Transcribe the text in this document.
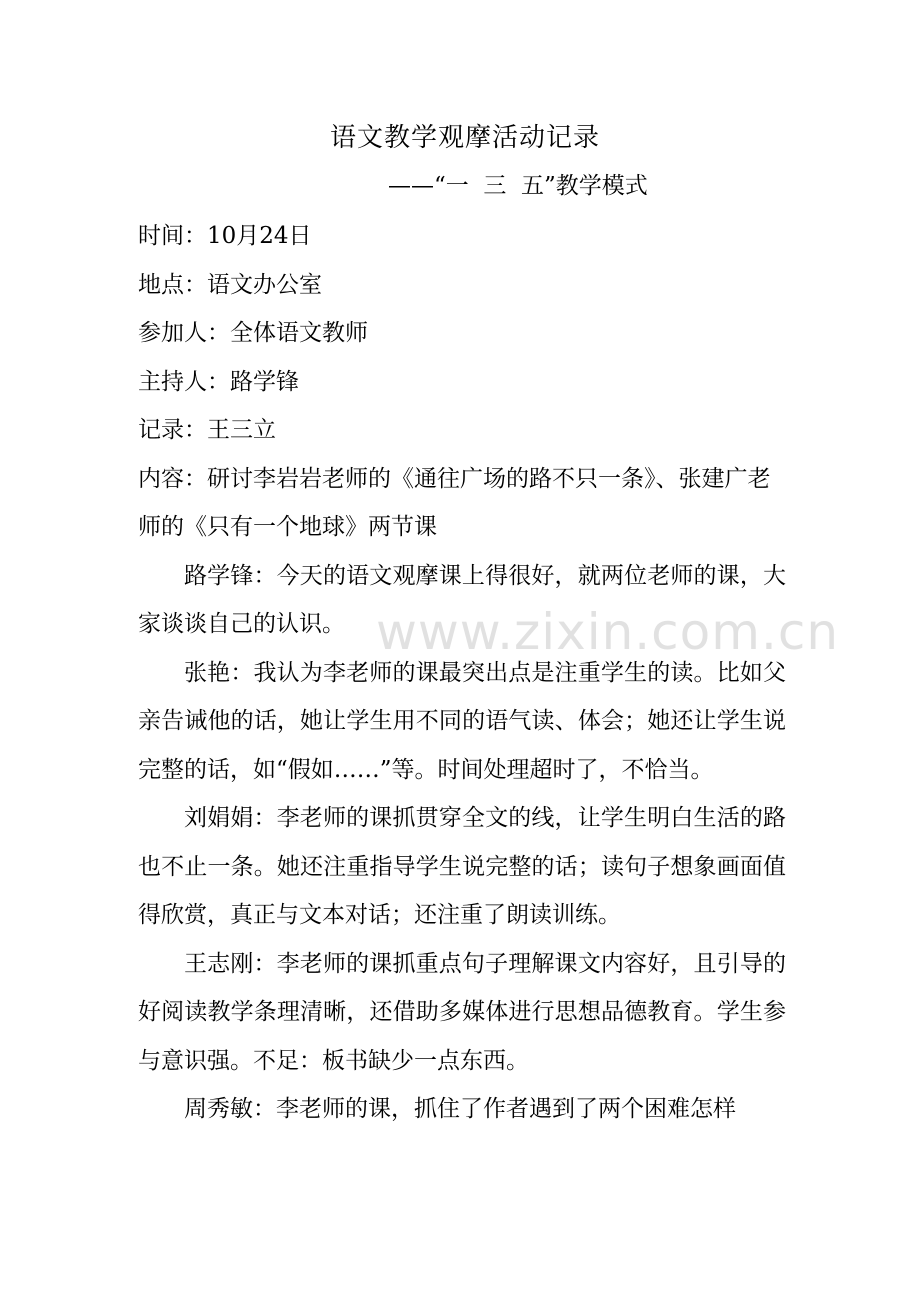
语文教学观摩活动记录
——“一  三  五”教学模式

时间：10月24日

地点：语文办公室

参加人：全体语文教师

主持人：路学锋

记录：王三立

内容：研讨李岩岩老师的《通往广场的路不只一条》、张建广老师的《只有一个地球》两节课

路学锋：今天的语文观摩课上得很好，就两位老师的课，大家谈谈自己的认识。

张艳：我认为李老师的课最突出点是注重学生的读。比如父亲告诫他的话，她让学生用不同的语气读、体会；她还让学生说完整的话，如“假如……”等。时间处理超时了，不恰当。

刘娟娟：李老师的课抓贯穿全文的线，让学生明白生活的路也不止一条。她还注重指导学生说完整的话；读句子想象画面值得欣赏，真正与文本对话；还注重了朗读训练。

王志刚：李老师的课抓重点句子理解课文内容好，且引导的好阅读教学条理清晰，还借助多媒体进行思想品德教育。学生参与意识强。不足：板书缺少一点东西。

周秀敏：李老师的课，抓住了作者遇到了两个困难怎样

www.zixin.com.cn
